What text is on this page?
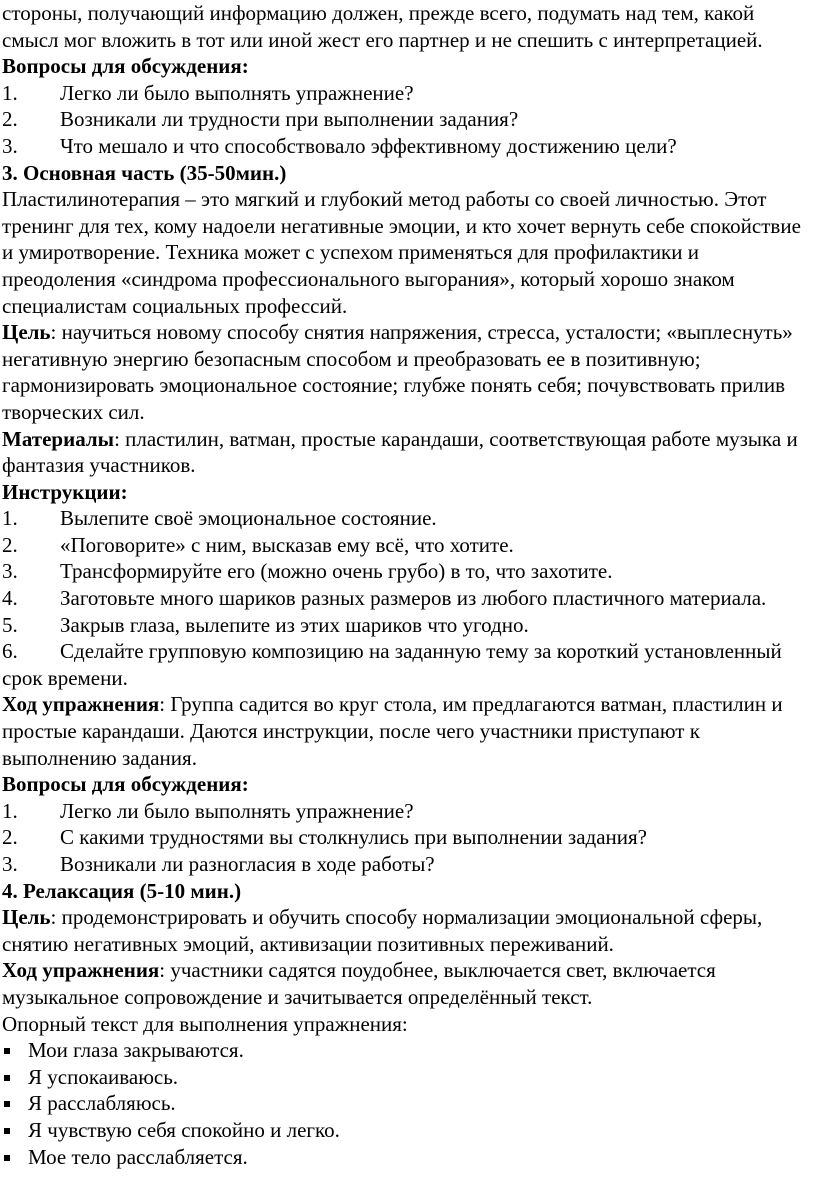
стороны, получающий информацию должен, прежде всего, подумать над тем, какой смысл мог вложить в тот или иной жест его партнер и не спешить с интерпретацией.

Вопросы для обсуждения:

1.	Легко ли было выполнять упражнение?
2.	Возникали ли трудности при выполнении задания?
3.	Что мешало и что способствовало эффективному достижению цели?

3. Основная часть (35-50мин.)

Пластилинотерапия – это мягкий и глубокий метод работы со своей личностью. Этот тренинг для тех, кому надоели негативные эмоции, и кто хочет вернуть себе спокойствие и умиротворение. Техника может с успехом применяться для профилактики и преодоления «синдрома профессионального выгорания», который хорошо знаком специалистам социальных профессий.

Цель: научиться новому способу снятия напряжения, стресса, усталости; «выплеснуть» негативную энергию безопасным способом и преобразовать ее в позитивную; гармонизировать эмоциональное состояние; глубже понять себя; почувствовать прилив творческих сил.

Материалы: пластилин, ватман, простые карандаши, соответствующая работе музыка и фантазия участников.

Инструкции:

1.	Вылепите своё эмоциональное состояние.
2.	«Поговорите» с ним, высказав ему всё, что хотите.
3.	Трансформируйте его (можно очень грубо) в то, что захотите.

4. Заготовьте много шариков разных размеров из любого пластичного материала.

5.	Закрыв глаза, вылепите из этих шариков что угодно.

6. Сделайте групповую композицию на заданную тему за короткий установленный срок времени.

Ход упражнения: Группа садится во круг стола, им предлагаются ватман, пластилин и простые карандаши. Даются инструкции, после чего участники приступают к выполнению задания.

Вопросы для обсуждения:

1.	Легко ли было выполнять упражнение?
2.	С какими трудностями вы столкнулись при выполнении задания?
3.	Возникали ли разногласия в ходе работы?

4. Релаксация (5-10 мин.)

Цель: продемонстрировать и обучить способу нормализации эмоциональной сферы, снятию негативных эмоций, активизации позитивных переживаний.

Ход упражнения: участники садятся поудобнее, выключается свет, включается музыкальное сопровождение и зачитывается определённый текст.

Опорный текст для выполнения упражнения:

Мои глаза закрываются.
Я успокаиваюсь.
Я расслабляюсь.
Я чувствую себя спокойно и легко.
Мое тело расслабляется.
